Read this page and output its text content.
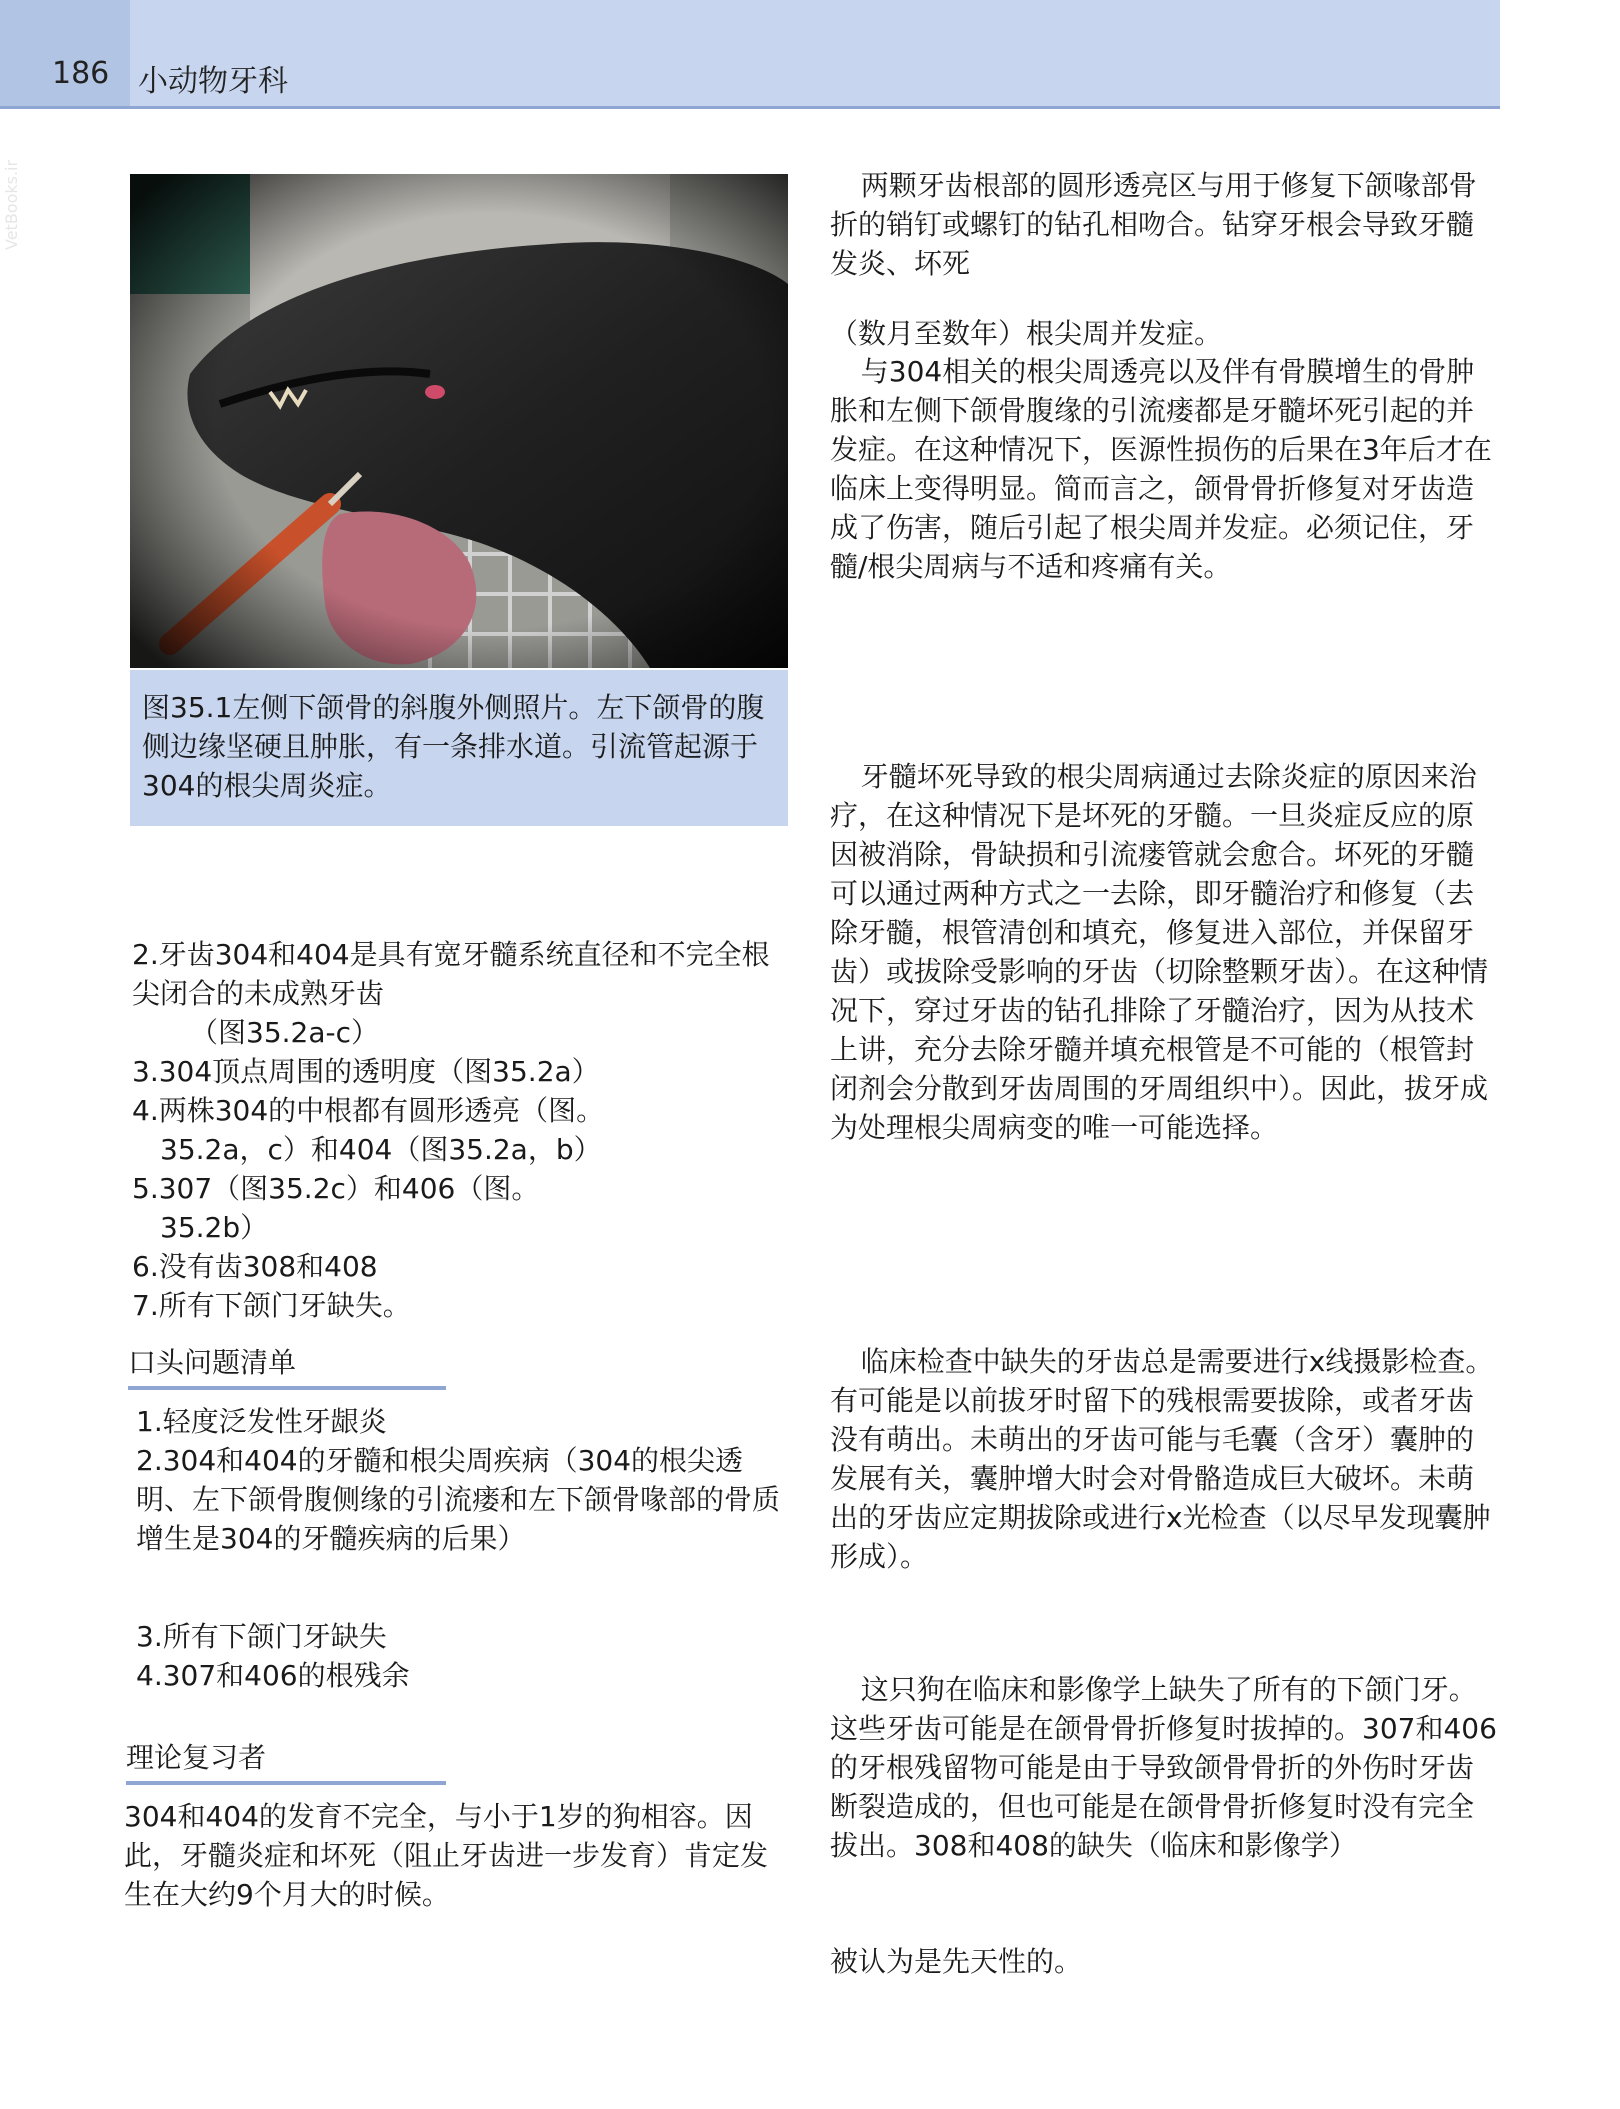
186 小动物牙科
VetBooks.ir

图35.1左侧下颌骨的斜腹外侧照片。左下颌骨的腹侧边缘坚硬且肿胀，有一条排水道。引流管起源于304的根尖周炎症。

2.牙齿304和404是具有宽牙髓系统直径和不完全根尖闭合的未成熟牙齿
（图35.2a-c）
3.304顶点周围的透明度（图35.2a）
4.两株304的中根都有圆形透亮（图。
35.2a，c）和404（图35.2a，b）
5.307（图35.2c）和406（图。
35.2b）
6.没有齿308和408
7.所有下颌门牙缺失。
口头问题清单
1.轻度泛发性牙龈炎
2.304和404的牙髓和根尖周疾病（304的根尖透明、左下颌骨腹侧缘的引流瘘和左下颌骨喙部的骨质增生是304的牙髓疾病的后果）
3.所有下颌门牙缺失
4.307和406的根残余
理论复习者

304和404的发育不完全，与小于1岁的狗相容。因此，牙髓炎症和坏死（阻止牙齿进一步发育）肯定发生在大约9个月大的时候。

两颗牙齿根部的圆形透亮区与用于修复下颌喙部骨折的销钉或螺钉的钻孔相吻合。钻穿牙根会导致牙髓发炎、坏死

（数月至数年）根尖周并发症。

与304相关的根尖周透亮以及伴有骨膜增生的骨肿胀和左侧下颌骨腹缘的引流瘘都是牙髓坏死引起的并发症。在这种情况下，医源性损伤的后果在3年后才在临床上变得明显。简而言之，颌骨骨折修复对牙齿造成了伤害，随后引起了根尖周并发症。必须记住，牙髓/根尖周病与不适和疼痛有关。

牙髓坏死导致的根尖周病通过去除炎症的原因来治疗，在这种情况下是坏死的牙髓。一旦炎症反应的原因被消除，骨缺损和引流瘘管就会愈合。坏死的牙髓可以通过两种方式之一去除，即牙髓治疗和修复（去除牙髓，根管清创和填充，修复进入部位，并保留牙齿）或拔除受影响的牙齿（切除整颗牙齿）。在这种情况下，穿过牙齿的钻孔排除了牙髓治疗，因为从技术上讲，充分去除牙髓并填充根管是不可能的（根管封闭剂会分散到牙齿周围的牙周组织中）。因此，拔牙成为处理根尖周病变的唯一可能选择。

临床检查中缺失的牙齿总是需要进行x线摄影检查。有可能是以前拔牙时留下的残根需要拔除，或者牙齿没有萌出。未萌出的牙齿可能与毛囊（含牙）囊肿的发展有关，囊肿增大时会对骨骼造成巨大破坏。未萌出的牙齿应定期拔除或进行x光检查（以尽早发现囊肿形成）。

这只狗在临床和影像学上缺失了所有的下颌门牙。这些牙齿可能是在颌骨骨折修复时拔掉的。307和406的牙根残留物可能是由于导致颌骨骨折的外伤时牙齿断裂造成的，但也可能是在颌骨骨折修复时没有完全拔出。308和408的缺失（临床和影像学）

被认为是先天性的。
